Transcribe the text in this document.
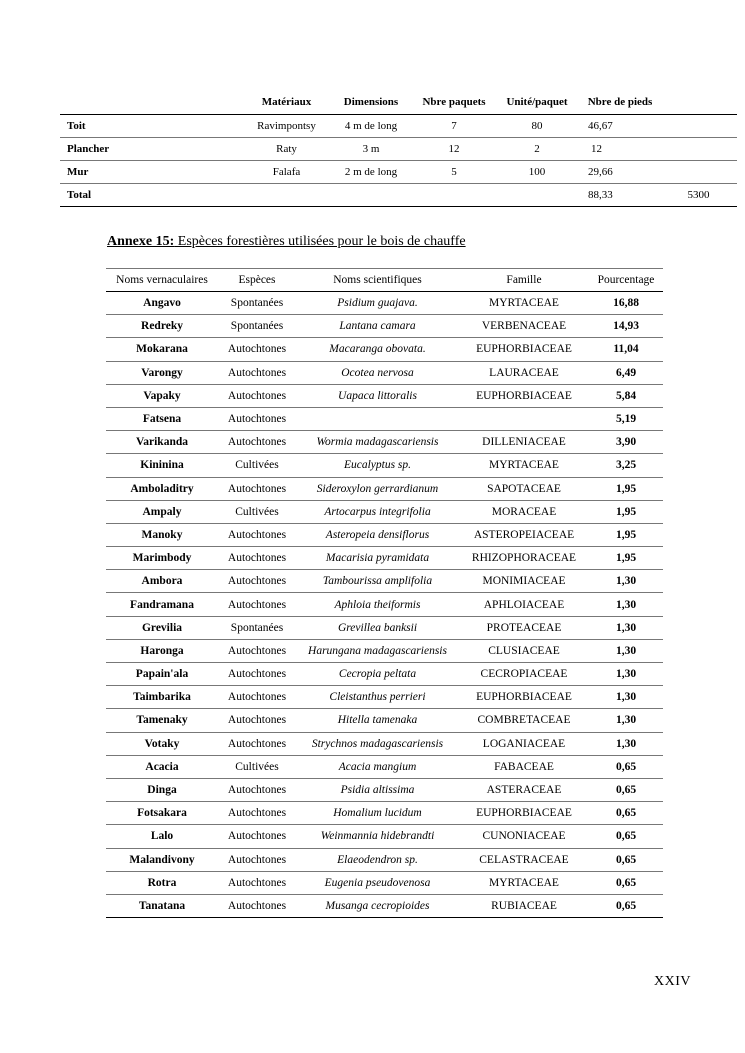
	Matériaux	Dimensions	Nbre paquets	Unité/paquet	Nbre de pieds	
Toit	Ravimpontsy	4 m de long	7	80	46,67	
Plancher	Raty	3 m	12	2	12	
Mur	Falafa	2 m de long	5	100	29,66	
Total					88,33	5300
Annexe 15: Espèces forestières utilisées pour le bois de chauffe
Noms vernaculaires	Espèces	Noms scientifiques	Famille	Pourcentage
Angavo	Spontanées	Psidium guajava.	MYRTACEAE	16,88
Redreky	Spontanées	Lantana camara	VERBENACEAE	14,93
Mokarana	Autochtones	Macaranga obovata.	EUPHORBIACEAE	11,04
Varongy	Autochtones	Ocotea nervosa	LAURACEAE	6,49
Vapaky	Autochtones	Uapaca littoralis	EUPHORBIACEAE	5,84
Fatsena	Autochtones			5,19
Varikanda	Autochtones	Wormia madagascariensis	DILLENIACEAE	3,90
Kininina	Cultivées	Eucalyptus sp.	MYRTACEAE	3,25
Amboladitry	Autochtones	Sideroxylon gerrardianum	SAPOTACEAE	1,95
Ampaly	Cultivées	Artocarpus integrifolia	MORACEAE	1,95
Manoky	Autochtones	Asteropeia densiflorus	ASTEROPEIACEAE	1,95
Marimbody	Autochtones	Macarisia pyramidata	RHIZOPHORACEAE	1,95
Ambora	Autochtones	Tambourissa amplifolia	MONIMIACEAE	1,30
Fandramana	Autochtones	Aphloia theiformis	APHLOIACEAE	1,30
Grevilia	Spontanées	Grevillea banksii	PROTEACEAE	1,30
Haronga	Autochtones	Harungana madagascariensis	CLUSIACEAE	1,30
Papain'ala	Autochtones	Cecropia peltata	CECROPIACEAE	1,30
Taimbarika	Autochtones	Cleistanthus perrieri	EUPHORBIACEAE	1,30
Tamenaky	Autochtones	Hitella tamenaka	COMBRETACEAE	1,30
Votaky	Autochtones	Strychnos madagascariensis	LOGANIACEAE	1,30
Acacia	Cultivées	Acacia mangium	FABACEAE	0,65
Dinga	Autochtones	Psidia altissima	ASTERACEAE	0,65
Fotsakara	Autochtones	Homalium lucidum	EUPHORBIACEAE	0,65
Lalo	Autochtones	Weinmannia hidebrandti	CUNONIACEAE	0,65
Malandivony	Autochtones	Elaeodendron sp.	CELASTRACEAE	0,65
Rotra	Autochtones	Eugenia pseudovenosa	MYRTACEAE	0,65
Tanatana	Autochtones	Musanga cecropioides	RUBIACEAE	0,65
XXIV
